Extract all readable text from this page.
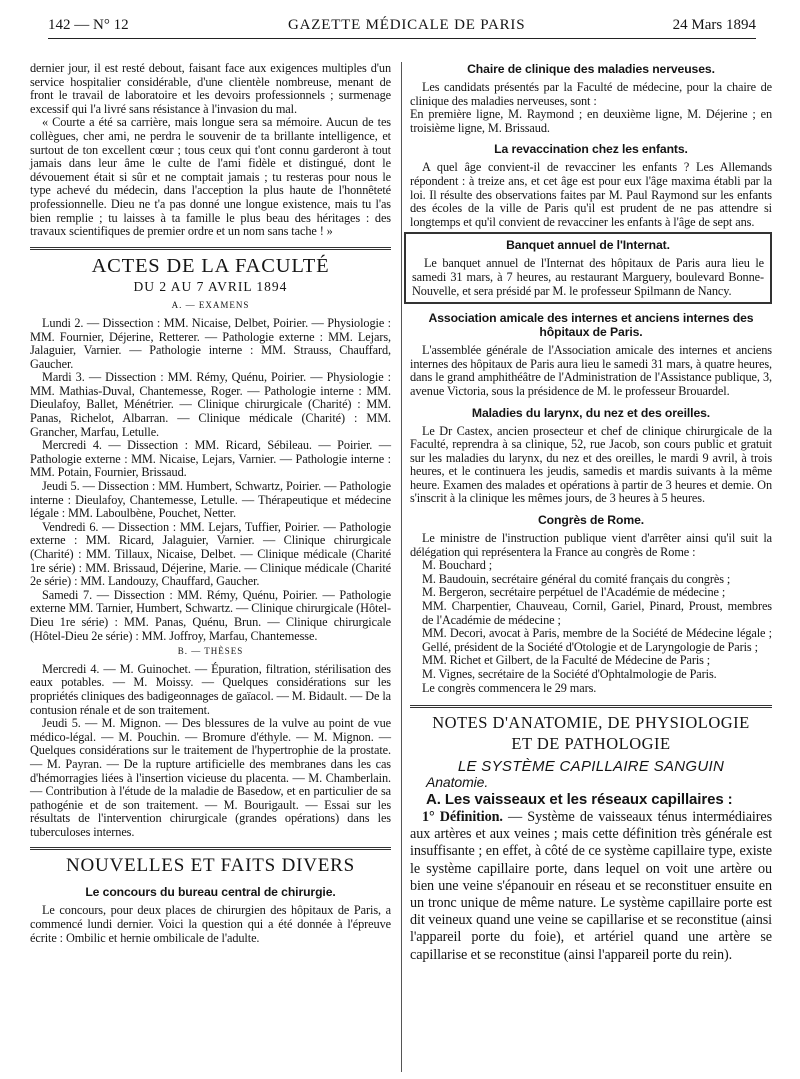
142 — N° 12	GAZETTE MÉDICALE DE PARIS	24 Mars 1894

dernier jour, il est resté debout, faisant face aux exigences multiples d'un service hospitalier considérable, d'une clientèle nombreuse, menant de front le travail de laboratoire et les devoirs professionnels ; surmenage excessif qui l'a livré sans résistance à l'invasion du mal.

« Courte a été sa carrière, mais longue sera sa mémoire. Aucun de tes collègues, cher ami, ne perdra le souvenir de ta brillante intelligence, et surtout de ton excellent cœur ; tous ceux qui t'ont connu garderont à tout jamais dans leur âme le culte de l'ami fidèle et distingué, dont le dévouement était si sûr et ne comptait jamais ; tu resteras pour nous le type achevé du médecin, dans l'acception la plus haute de l'honnêteté professionnelle. Dieu ne t'a pas donné une longue existence, mais tu l'as bien remplie ; tu laisses à ta famille le plus beau des héritages : des travaux scientifiques de premier ordre et un nom sans tache ! »

ACTES DE LA FACULTÉ
DU 2 AU 7 AVRIL 1894
A. — EXAMENS

Lundi 2. — Dissection : MM. Nicaise, Delbet, Poirier. — Physiologie : MM. Fournier, Déjerine, Retterer. — Pathologie externe : MM. Lejars, Jalaguier, Varnier. — Pathologie interne : MM. Strauss, Chauffard, Gaucher.

Mardi 3. — Dissection : MM. Rémy, Quénu, Poirier. — Physiologie : MM. Mathias-Duval, Chantemesse, Roger. — Pathologie interne : MM. Dieulafoy, Ballet, Ménétrier. — Clinique chirurgicale (Charité) : MM. Panas, Richelot, Albarran. — Clinique médicale (Charité) : MM. Grancher, Marfau, Letulle.

Mercredi 4. — Dissection : MM. Ricard, Sébileau. — Poirier. — Pathologie externe : MM. Nicaise, Lejars, Varnier. — Pathologie interne : MM. Potain, Fournier, Brissaud.

Jeudi 5. — Dissection : MM. Humbert, Schwartz, Poirier. — Pathologie interne : Dieulafoy, Chantemesse, Letulle. — Thérapeutique et médecine légale : MM. Laboulbène, Pouchet, Netter.

Vendredi 6. — Dissection : MM. Lejars, Tuffier, Poirier. — Pathologie externe : MM. Ricard, Jalaguier, Varnier. — Clinique chirurgicale (Charité) : MM. Tillaux, Nicaise, Delbet. — Clinique médicale (Charité 1re série) : MM. Brissaud, Déjerine, Marie. — Clinique médicale (Charité 2e série) : MM. Landouzy, Chauffard, Gaucher.

Samedi 7. — Dissection : MM. Rémy, Quénu, Poirier. — Pathologie externe MM. Tarnier, Humbert, Schwartz. — Clinique chirurgicale (Hôtel-Dieu 1re série) : MM. Panas, Quénu, Brun. — Clinique chirurgicale (Hôtel-Dieu 2e série) : MM. Joffroy, Marfau, Chantemesse.

B. — THÈSES

Mercredi 4. — M. Guinochet. — Épuration, filtration, stérilisation des eaux potables. — M. Moissy. — Quelques considérations sur les propriétés cliniques des badigeonnages de gaïacol. — M. Bidault. — De la contusion rénale et de son traitement.

Jeudi 5. — M. Mignon. — Des blessures de la vulve au point de vue médico-légal. — M. Pouchin. — Bromure d'éthyle. — M. Mignon. — Quelques considérations sur le traitement de l'hypertrophie de la prostate. — M. Payran. — De la rupture artificielle des membranes dans les cas d'hémorragies liées à l'insertion vicieuse du placenta. — M. Chamberlain. — Contribution à l'étude de la maladie de Basedow, et en particulier de sa pathogénie et de son traitement. — M. Bourigault. — Essai sur les résultats de l'intervention chirurgicale (grandes opérations) dans les tuberculoses internes.

NOUVELLES ET FAITS DIVERS
Le concours du bureau central de chirurgie.

Le concours, pour deux places de chirurgien des hôpitaux de Paris, a commencé lundi dernier. Voici la question qui a été donnée à l'épreuve écrite : Ombilic et hernie ombilicale de l'adulte.

Chaire de clinique des maladies nerveuses.

Les candidats présentés par la Faculté de médecine, pour la chaire de clinique des maladies nerveuses, sont :

En première ligne, M. Raymond ; en deuxième ligne, M. Déjerine ; en troisième ligne, M. Brissaud.

La revaccination chez les enfants.

A quel âge convient-il de revacciner les enfants ? Les Allemands répondent : à treize ans, et cet âge est pour eux l'âge maxima établi par la loi. Il résulte des observations faites par M. Paul Raymond sur les enfants des écoles de la ville de Paris qu'il est prudent de ne pas attendre si longtemps et qu'il convient de revacciner les enfants à l'âge de sept ans.

Banquet annuel de l'Internat.

Le banquet annuel de l'Internat des hôpitaux de Paris aura lieu le samedi 31 mars, à 7 heures, au restaurant Marguery, boulevard Bonne-Nouvelle, et sera présidé par M. le professeur Spilmann de Nancy.

Association amicale des internes et anciens internes des hôpitaux de Paris.

L'assemblée générale de l'Association amicale des internes et anciens internes des hôpitaux de Paris aura lieu le samedi 31 mars, à quatre heures, dans le grand amphithéâtre de l'Administration de l'Assistance publique, 3, avenue Victoria, sous la présidence de M. le professeur Brouardel.

Maladies du larynx, du nez et des oreilles.

Le Dr Castex, ancien prosecteur et chef de clinique chirurgicale de la Faculté, reprendra à sa clinique, 52, rue Jacob, son cours public et gratuit sur les maladies du larynx, du nez et des oreilles, le mardi 9 avril, à trois heures, et le continuera les jeudis, samedis et mardis suivants à la même heure. Examen des malades et opérations à partir de 3 heures et demie. On s'inscrit à la clinique les mêmes jours, de 3 heures à 5 heures.

Congrès de Rome.

Le ministre de l'instruction publique vient d'arrêter ainsi qu'il suit la délégation qui représentera la France au congrès de Rome :

M. Bouchard ;

M. Baudouin, secrétaire général du comité français du congrès ;

M. Bergeron, secrétaire perpétuel de l'Académie de médecine ;

MM. Charpentier, Chauveau, Cornil, Gariel, Pinard, Proust, membres de l'Académie de médecine ;

MM. Decori, avocat à Paris, membre de la Société de Médecine légale ; Gellé, président de la Société d'Otologie et de Laryngologie de Paris ;

MM. Richet et Gilbert, de la Faculté de Médecine de Paris ;

M. Vignes, secrétaire de la Société d'Ophtalmologie de Paris.

Le congrès commencera le 29 mars.

NOTES D'ANATOMIE, DE PHYSIOLOGIE
ET DE PATHOLOGIE
LE SYSTÈME CAPILLAIRE SANGUIN
Anatomie.
A. Les vaisseaux et les réseaux capillaires :

1° Définition. — Système de vaisseaux ténus intermédiaires aux artères et aux veines ; mais cette définition très générale est insuffisante ; en effet, à côté de ce système capillaire type, existe le système capillaire porte, dans lequel on voit une artère ou bien une veine s'épanouir en réseau et se reconstituer ensuite en un tronc unique de même nature. Le système capillaire porte est dit veineux quand une veine se capillarise et se reconstitue (ainsi l'appareil porte du foie), et artériel quand une artère se capillarise et se reconstitue (ainsi l'appareil porte du rein).
